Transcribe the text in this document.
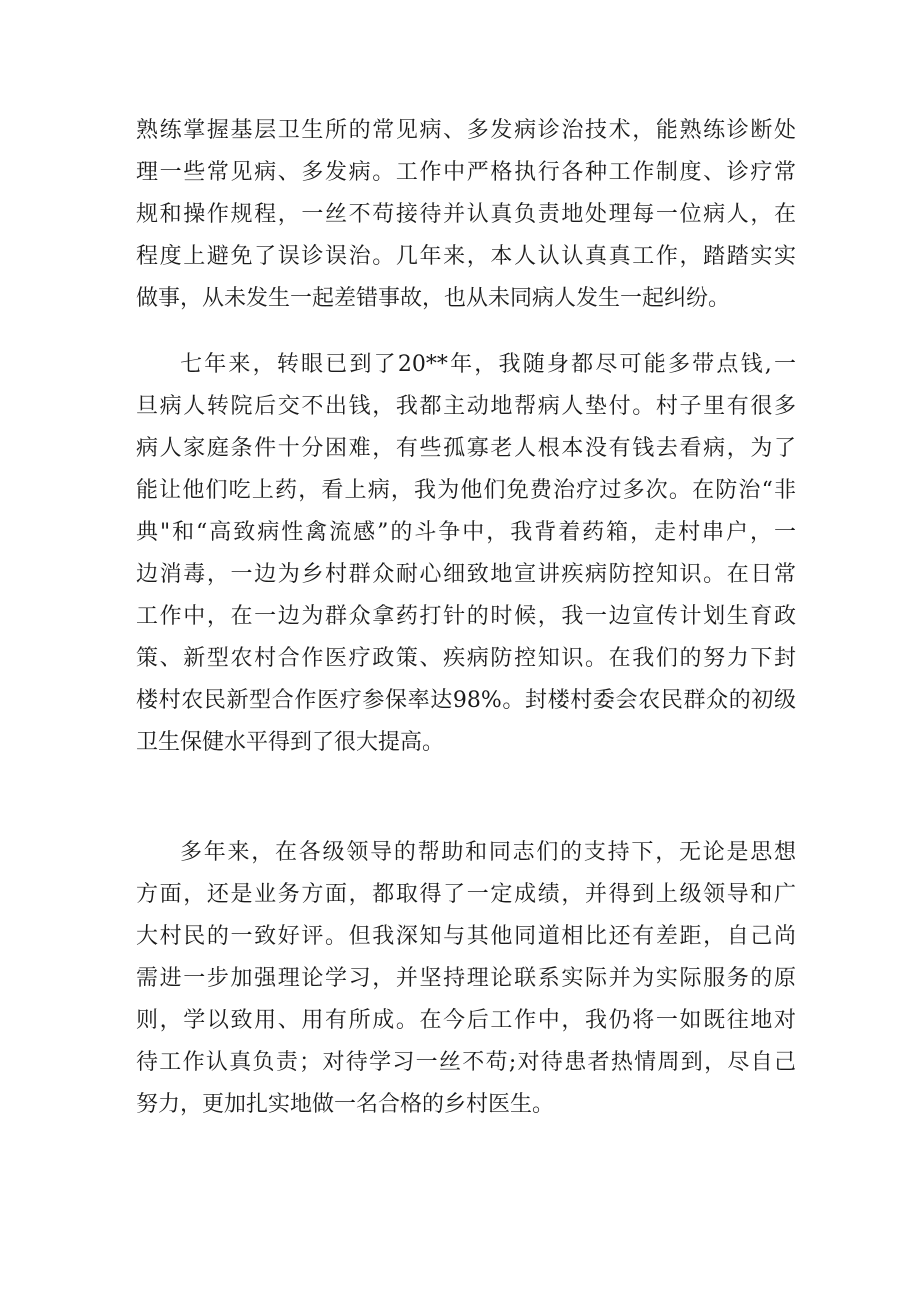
熟练掌握基层卫生所的常见病、多发病诊治技术，能熟练诊断处
理一些常见病、多发病。工作中严格执行各种工作制度、诊疗常
规和操作规程，一丝不苟接待并认真负责地处理每一位病人，在
程度上避免了误诊误治。几年来，本人认认真真工作，踏踏实实
做事，从未发生一起差错事故，也从未同病人发生一起纠纷。
七年来，转眼已到了20**年，我随身都尽可能多带点钱,一
旦病人转院后交不出钱，我都主动地帮病人垫付。村子里有很多
病人家庭条件十分困难，有些孤寡老人根本没有钱去看病，为了
能让他们吃上药，看上病，我为他们免费治疗过多次。在防治“非
典"和“高致病性禽流感”的斗争中，我背着药箱，走村串户，一
边消毒，一边为乡村群众耐心细致地宣讲疾病防控知识。在日常
工作中，在一边为群众拿药打针的时候，我一边宣传计划生育政
策、新型农村合作医疗政策、疾病防控知识。在我们的努力下封
楼村农民新型合作医疗参保率达98%。封楼村委会农民群众的初级
卫生保健水平得到了很大提高。
多年来，在各级领导的帮助和同志们的支持下，无论是思想
方面，还是业务方面，都取得了一定成绩，并得到上级领导和广
大村民的一致好评。但我深知与其他同道相比还有差距，自己尚
需进一步加强理论学习，并坚持理论联系实际并为实际服务的原
则，学以致用、用有所成。在今后工作中，我仍将一如既往地对
待工作认真负责；对待学习一丝不苟;对待患者热情周到，尽自己
努力，更加扎实地做一名合格的乡村医生。
